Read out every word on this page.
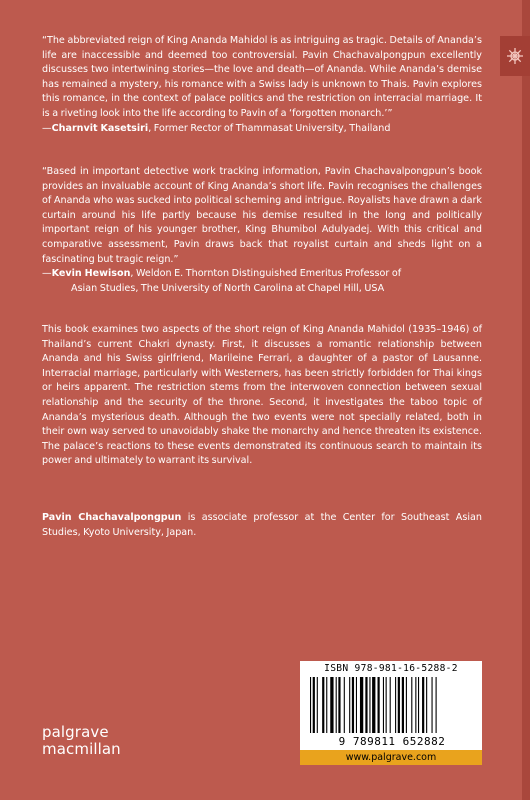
“The abbreviated reign of King Ananda Mahidol is as intriguing as tragic. Details of Ananda’s life are inaccessible and deemed too controversial. Pavin Chachavalpongpun excellently discusses two intertwining stories—the love and death—of Ananda. While Ananda’s demise has remained a mystery, his romance with a Swiss lady is unknown to Thais. Pavin explores this romance, in the context of palace politics and the restriction on interracial marriage. It is a riveting look into the life according to Pavin of a ‘forgotten monarch.’”
—Charnvit Kasetsiri, Former Rector of Thammasat University, Thailand
“Based in important detective work tracking information, Pavin Chachavalpongpun’s book provides an invaluable account of King Ananda’s short life. Pavin recognises the challenges of Ananda who was sucked into political scheming and intrigue. Royalists have drawn a dark curtain around his life partly because his demise resulted in the long and politically important reign of his younger brother, King Bhumibol Adulyadej. With this critical and comparative assessment, Pavin draws back that royalist curtain and sheds light on a fascinating but tragic reign.”
—Kevin Hewison, Weldon E. Thornton Distinguished Emeritus Professor of
Asian Studies, The University of North Carolina at Chapel Hill, USA
This book examines two aspects of the short reign of King Ananda Mahidol (1935–1946) of Thailand’s current Chakri dynasty. First, it discusses a romantic relationship between Ananda and his Swiss girlfriend, Marileine Ferrari, a daughter of a pastor of Lausanne. Interracial marriage, particularly with Westerners, has been strictly forbidden for Thai kings or heirs apparent. The restriction stems from the interwoven connection between sexual relationship and the security of the throne. Second, it investigates the taboo topic of Ananda’s mysterious death. Although the two events were not specially related, both in their own way served to unavoidably shake the monarchy and hence threaten its existence. The palace’s reactions to these events demonstrated its continuous search to maintain its power and ultimately to warrant its survival.
Pavin Chachavalpongpun is associate professor at the Center for Southeast Asian Studies, Kyoto University, Japan.
palgrave
macmillan
ISBN 978-981-16-5288-2
9 789811 652882
www.palgrave.com
